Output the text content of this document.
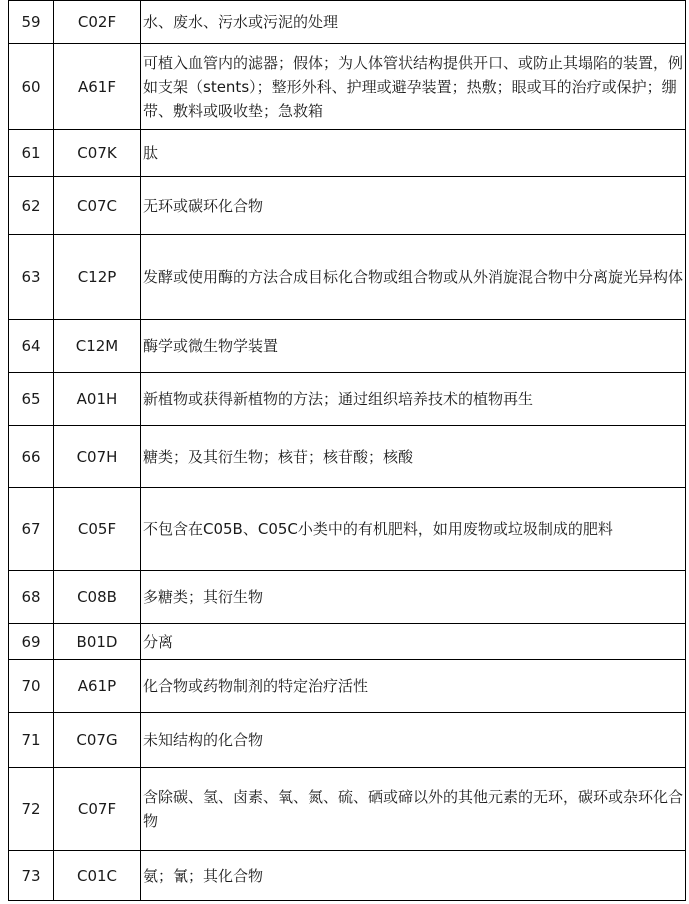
59	C02F	水、废水、污水或污泥的处理
60	A61F	可植入血管内的滤器；假体；为人体管状结构提供开口、或防止其塌陷的装置，例如支架（stents）；整形外科、护理或避孕装置；热敷；眼或耳的治疗或保护；绷带、敷料或吸收垫；急救箱
61	C07K	肽
62	C07C	无环或碳环化合物
63	C12P	发酵或使用酶的方法合成目标化合物或组合物或从外消旋混合物中分离旋光异构体
64	C12M	酶学或微生物学装置
65	A01H	新植物或获得新植物的方法；通过组织培养技术的植物再生
66	C07H	糖类；及其衍生物；核苷；核苷酸；核酸
67	C05F	不包含在C05B、C05C小类中的有机肥料，如用废物或垃圾制成的肥料
68	C08B	多糖类；其衍生物
69	B01D	分离
70	A61P	化合物或药物制剂的特定治疗活性
71	C07G	未知结构的化合物
72	C07F	含除碳、氢、卤素、氧、氮、硫、硒或碲以外的其他元素的无环，碳环或杂环化合物
73	C01C	氨；氰；其化合物
